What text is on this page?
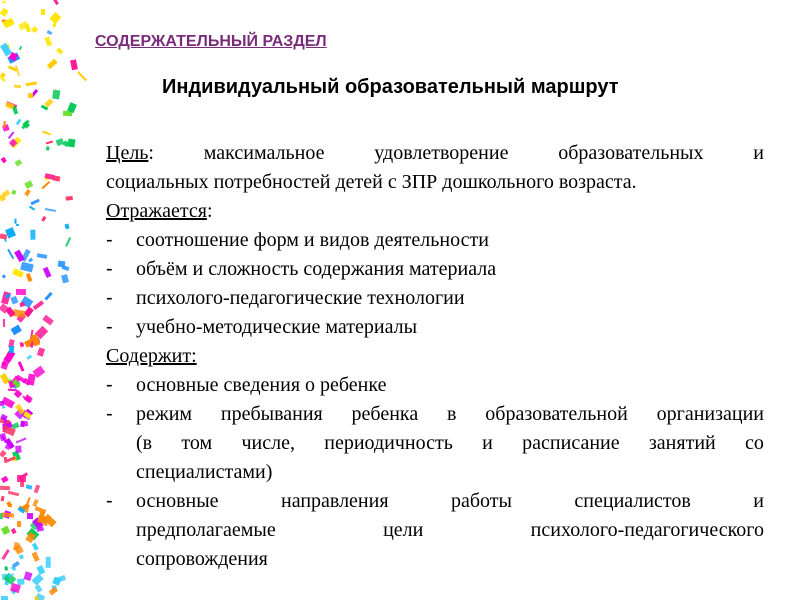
СОДЕРЖАТЕЛЬНЫЙ РАЗДЕЛ
Индивидуальный образовательный маршрут
Цель: максимальное удовлетворение образовательных и
социальных потребностей детей с ЗПР дошкольного возраста.
Отражается:
- соотношение форм и видов деятельности
- объём и сложность содержания материала
- психолого-педагогические технологии
- учебно-методические материалы
Содержит:
- основные сведения о ребенке
- режим пребывания ребенка в образовательной организации
(в том числе, периодичность и расписание занятий со
специалистами)
- основные	направления	работы	специалистов	и
предполагаемые	цели	психолого-педагогического
сопровождения
